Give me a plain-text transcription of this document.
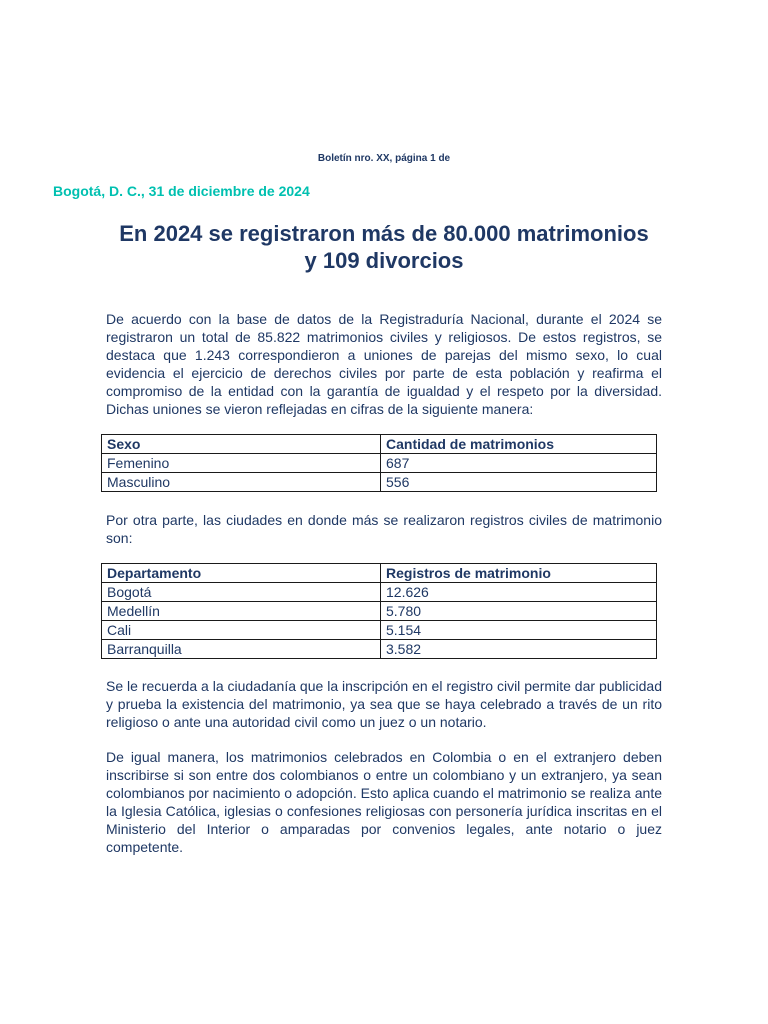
Boletín nro. XX, página 1 de
Bogotá, D. C., 31 de diciembre de 2024
En 2024 se registraron más de 80.000 matrimonios
y 109 divorcios

De acuerdo con la base de datos de la Registraduría Nacional, durante el 2024 se registraron un total de 85.822 matrimonios civiles y religiosos. De estos registros, se destaca que 1.243 correspondieron a uniones de parejas del mismo sexo, lo cual evidencia el ejercicio de derechos civiles por parte de esta población y reafirma el compromiso de la entidad con la garantía de igualdad y el respeto por la diversidad. Dichas uniones se vieron reflejadas en cifras de la siguiente manera:

Sexo	Cantidad de matrimonios
Femenino	687
Masculino	556

Por otra parte, las ciudades en donde más se realizaron registros civiles de matrimonio son:

Departamento	Registros de matrimonio
Bogotá	12.626
Medellín	5.780
Cali	5.154
Barranquilla	3.582

Se le recuerda a la ciudadanía que la inscripción en el registro civil permite dar publicidad y prueba la existencia del matrimonio, ya sea que se haya celebrado a través de un rito religioso o ante una autoridad civil como un juez o un notario.

De igual manera, los matrimonios celebrados en Colombia o en el extranjero deben inscribirse si son entre dos colombianos o entre un colombiano y un extranjero, ya sean colombianos por nacimiento o adopción. Esto aplica cuando el matrimonio se realiza ante la Iglesia Católica, iglesias o confesiones religiosas con personería jurídica inscritas en el Ministerio del Interior o amparadas por convenios legales, ante notario o juez competente.
